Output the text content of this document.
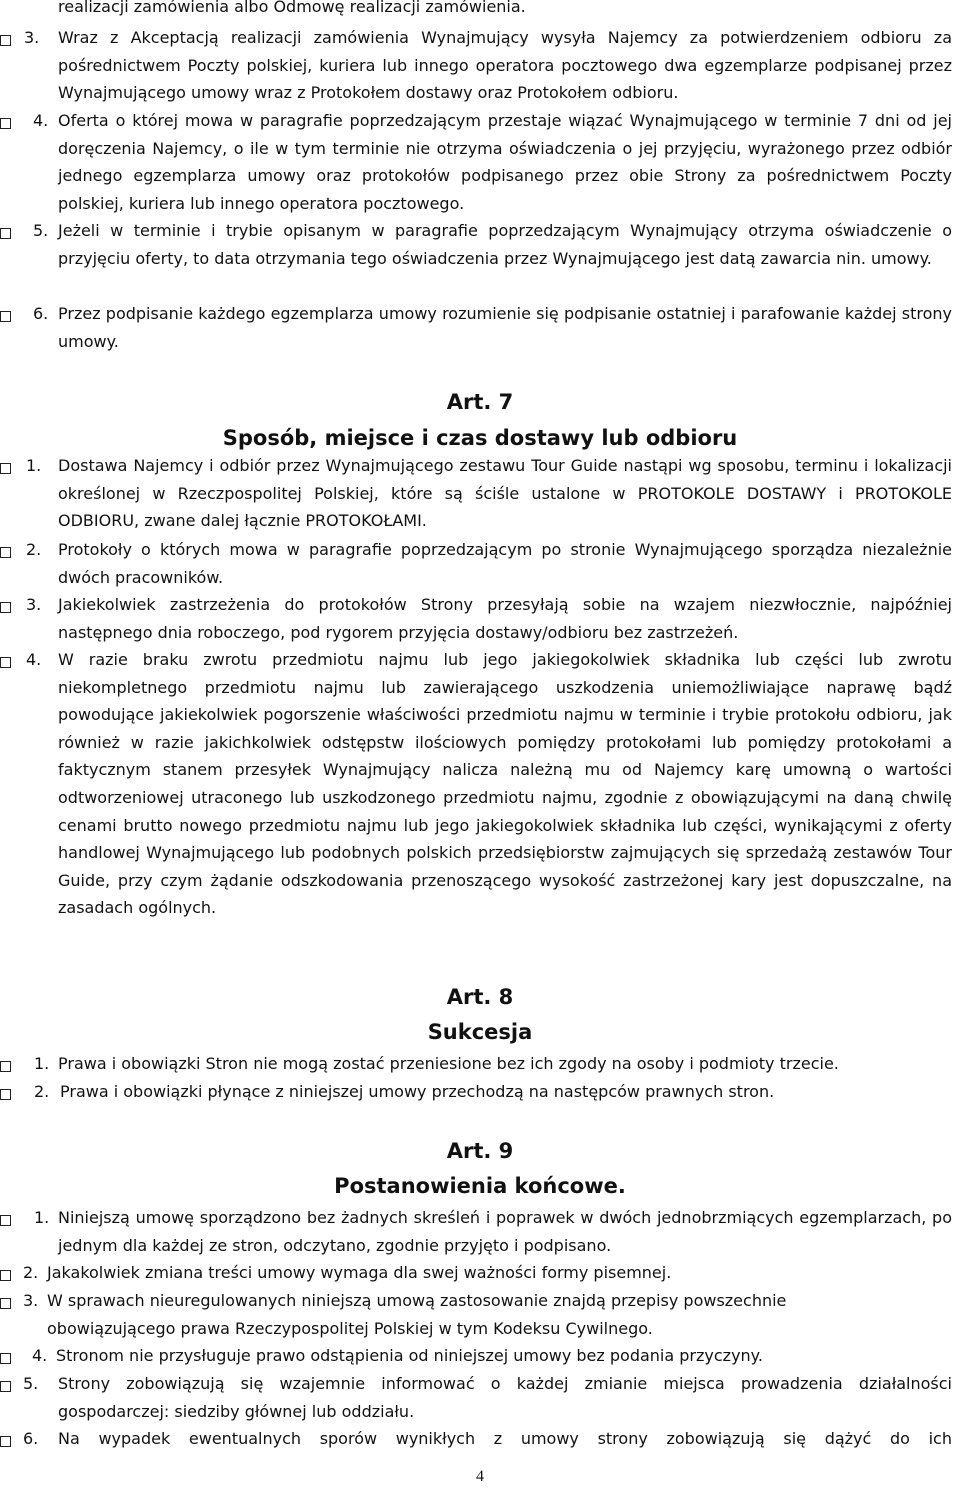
realizacji zamówienia albo Odmowę realizacji zamówienia.

3. Wraz z Akceptacją realizacji zamówienia Wynajmujący wysyła Najemcy za potwierdzeniem odbioru za pośrednictwem Poczty polskiej, kuriera lub innego operatora pocztowego dwa egzemplarze podpisanej przez Wynajmującego umowy wraz z Protokołem dostawy oraz Protokołem odbioru.
4. Oferta o której mowa w paragrafie poprzedzającym przestaje wiązać Wynajmującego w terminie 7 dni od jej doręczenia Najemcy, o ile w tym terminie nie otrzyma oświadczenia o jej przyjęciu, wyrażonego przez odbiór jednego egzemplarza umowy oraz protokołów podpisanego przez obie Strony za pośrednictwem Poczty polskiej, kuriera lub innego operatora pocztowego.
5. Jeżeli w terminie i trybie opisanym w paragrafie poprzedzającym Wynajmujący otrzyma oświadczenie o przyjęciu oferty, to data otrzymania tego oświadczenia przez Wynajmującego jest datą zawarcia nin. umowy.
6. Przez podpisanie każdego egzemplarza umowy rozumienie się podpisanie ostatniej i parafowanie każdej strony umowy.
Art. 7
Sposób, miejsce i czas dostawy lub odbioru
1. Dostawa Najemcy i odbiór przez Wynajmującego zestawu Tour Guide nastąpi wg sposobu, terminu i lokalizacji określonej w Rzeczpospolitej Polskiej, które są ściśle ustalone w PROTOKOLE DOSTAWY i PROTOKOLE ODBIORU, zwane dalej łącznie PROTOKOŁAMI.
2. Protokoły o których mowa w paragrafie poprzedzającym po stronie Wynajmującego sporządza niezależnie dwóch pracowników.
3. Jakiekolwiek zastrzeżenia do protokołów Strony przesyłają sobie na wzajem niezwłocznie, najpóźniej następnego dnia roboczego, pod rygorem przyjęcia dostawy/odbioru bez zastrzeżeń.
4. W razie braku zwrotu przedmiotu najmu lub jego jakiegokolwiek składnika lub części lub zwrotu niekompletnego przedmiotu najmu lub zawierającego uszkodzenia uniemożliwiające naprawę bądź powodujące jakiekolwiek pogorszenie właściwości przedmiotu najmu w terminie i trybie protokołu odbioru, jak również w razie jakichkolwiek odstępstw ilościowych pomiędzy protokołami lub pomiędzy protokołami a faktycznym stanem przesyłek Wynajmujący nalicza należną mu od Najemcy karę umowną o wartości odtworzeniowej utraconego lub uszkodzonego przedmiotu najmu, zgodnie z obowiązującymi na daną chwilę cenami brutto nowego przedmiotu najmu lub jego jakiegokolwiek składnika lub części, wynikającymi z oferty handlowej Wynajmującego lub podobnych polskich przedsiębiorstw zajmujących się sprzedażą zestawów Tour Guide, przy czym żądanie odszkodowania przenoszącego wysokość zastrzeżonej kary jest dopuszczalne, na zasadach ogólnych.
Art. 8
Sukcesja
1. Prawa i obowiązki Stron nie mogą zostać przeniesione bez ich zgody na osoby i podmioty trzecie.
2. Prawa i obowiązki płynące z niniejszej umowy przechodzą na następców prawnych stron.
Art. 9
Postanowienia końcowe.
1. Niniejszą umowę sporządzono bez żadnych skreśleń i poprawek w dwóch jednobrzmiących egzemplarzach, po jednym dla każdej ze stron, odczytano, zgodnie przyjęto i podpisano.
2. Jakakolwiek zmiana treści umowy wymaga dla swej ważności formy pisemnej.
3. W sprawach nieuregulowanych niniejszą umową zastosowanie znajdą przepisy powszechnie obowiązującego prawa Rzeczypospolitej Polskiej w tym Kodeksu Cywilnego.
4. Stronom nie przysługuje prawo odstąpienia od niniejszej umowy bez podania przyczyny.
5. Strony zobowiązują się wzajemnie informować o każdej zmianie miejsca prowadzenia działalności gospodarczej: siedziby głównej lub oddziału.
6. Na wypadek ewentualnych sporów wynikłych z umowy strony zobowiązują się dążyć do ich
4
